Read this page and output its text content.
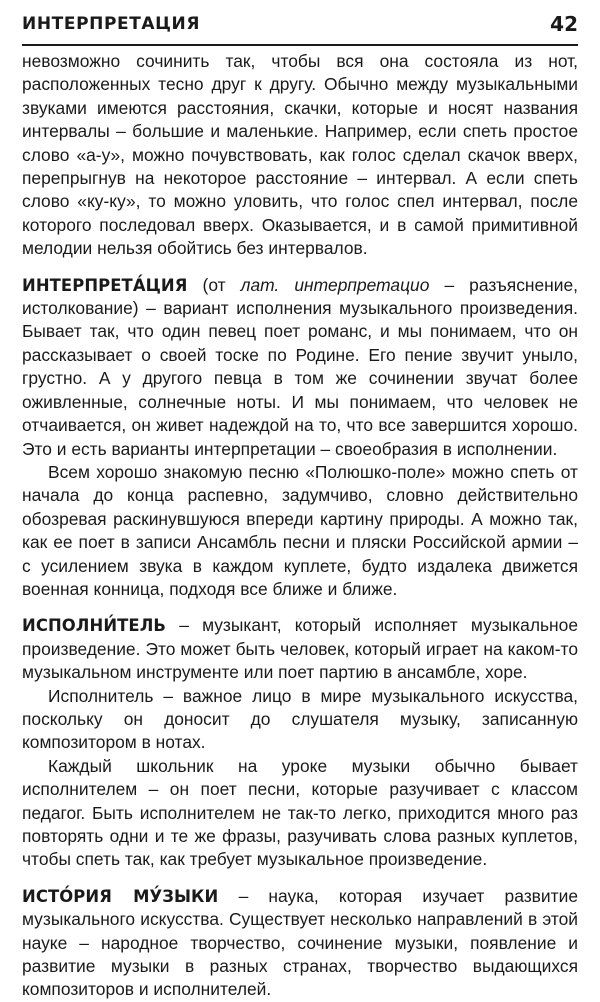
ИНТЕРПРЕТАЦИЯ	42

невозможно сочинить так, чтобы вся она состояла из нот, расположенных тесно друг к другу. Обычно между музыкальными звуками имеются расстояния, скачки, которые и носят названия интервалы – большие и маленькие. Например, если спеть простое слово «а-у», можно почувствовать, как голос сделал скачок вверх, перепрыгнув на некоторое расстояние – интервал. А если спеть слово «ку-ку», то можно уловить, что голос спел интервал, после которого последовал вверх. Оказывается, и в самой примитивной мелодии нельзя обойтись без интервалов.

ИНТЕРПРЕТА́ЦИЯ (от лат. интерпретацио – разъяснение, истолкование) – вариант исполнения музыкального произведения. Бывает так, что один певец поет романс, и мы понимаем, что он рассказывает о своей тоске по Родине. Его пение звучит уныло, грустно. А у другого певца в том же сочинении звучат более оживленные, солнечные ноты. И мы понимаем, что человек не отчаивается, он живет надеждой на то, что все завершится хорошо. Это и есть варианты интерпретации – своеобразия в исполнении.

Всем хорошо знакомую песню «Полюшко-поле» можно спеть от начала до конца распевно, задумчиво, словно действительно обозревая раскинувшуюся впереди картину природы. А можно так, как ее поет в записи Ансамбль песни и пляски Российской армии – с усилением звука в каждом куплете, будто издалека движется военная конница, подходя все ближе и ближе.

ИСПОЛНИ́ТЕЛЬ – музыкант, который исполняет музыкальное произведение. Это может быть человек, который играет на каком-то музыкальном инструменте или поет партию в ансамбле, хоре.

Исполнитель – важное лицо в мире музыкального искусства, поскольку он доносит до слушателя музыку, записанную композитором в нотах.

Каждый школьник на уроке музыки обычно бывает исполнителем – он поет песни, которые разучивает с классом педагог. Быть исполнителем не так-то легко, приходится много раз повторять одни и те же фразы, разучивать слова разных куплетов, чтобы спеть так, как требует музыкальное произведение.

ИСТО́РИЯ МУ́ЗЫКИ – наука, которая изучает развитие музыкального искусства. Существует несколько направлений в этой науке – народное творчество, сочинение музыки, появление и развитие музыки в разных странах, творчество выдающихся композиторов и исполнителей.
